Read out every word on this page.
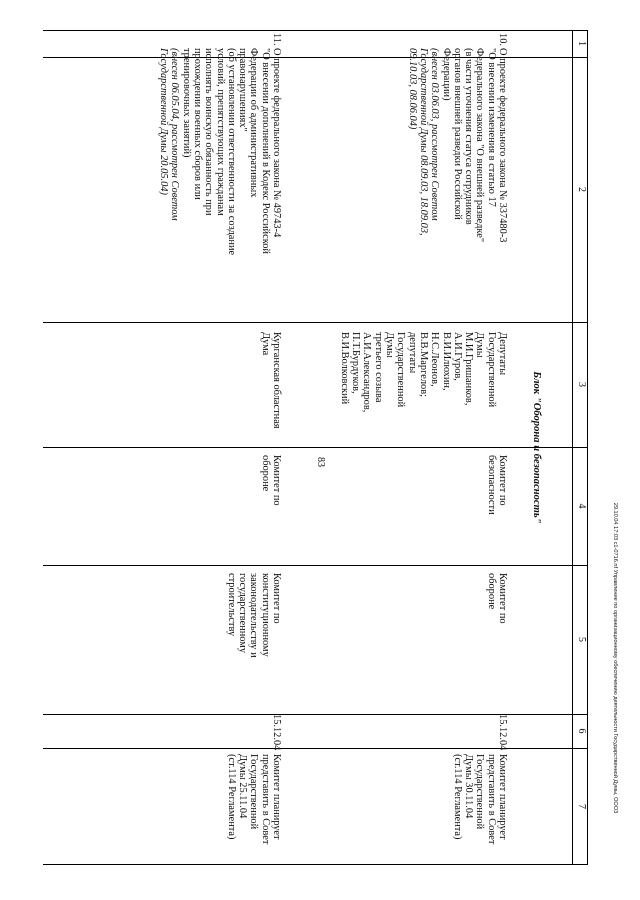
83
29.10.04 17:03 с1-0716.nf Управление по организационному обеспечению деятельности Государственной Думы, ООО3
1
2
3
4
5
6
7
Блок "Оборона и безопасность"
10.
О проекте федерального закона № 337480-3
"О внесении изменения в статью 17
Федерального закона "О внешней разведке"
(в части уточнения статуса сотрудников
органов внешней разведки Российской
Федерации)
(внесен 03.06.03, рассмотрен Советом
Государственной Думы 08.09.03, 18.09.03,
09.10.03, 08.06.04)
Депутаты
Государственной
Думы
М.И.Гришанков,
А.И.Гуров,
В.И.Илюхин,
Н.С.Леонов,
В.В.Маргелов;
депутаты
Государственной
Думы
третьего созыва
А.И.Александров,
П.Т.Бурдуков,
В.И.Волковский
Комитет по
безопасности
Комитет по
обороне
15.12.04
Комитет планирует
представить в Совет
Государственной
Думы 30.11.04
(ст.114 Регламента)
11.
О проекте федерального закона № 49743-4
"О внесении дополнений в Кодекс Российской
Федерации об административных
правонарушениях"
(об установлении ответственности за создание
условий, препятствующих гражданам
исполнять воинскую обязанность при
прохождении военных сборов или
тренировочных занятий)
(внесен 06.05.04, рассмотрен Советом
Государственной Думы 20.05.04)
Курганская областная
Дума
Комитет по
обороне
Комитет по
конституционному
законодательству и
государственному
строительству
15.12.04
Комитет планирует
представить в Совет
Государственной
Думы 25.11.04
(ст.114 Регламента)
